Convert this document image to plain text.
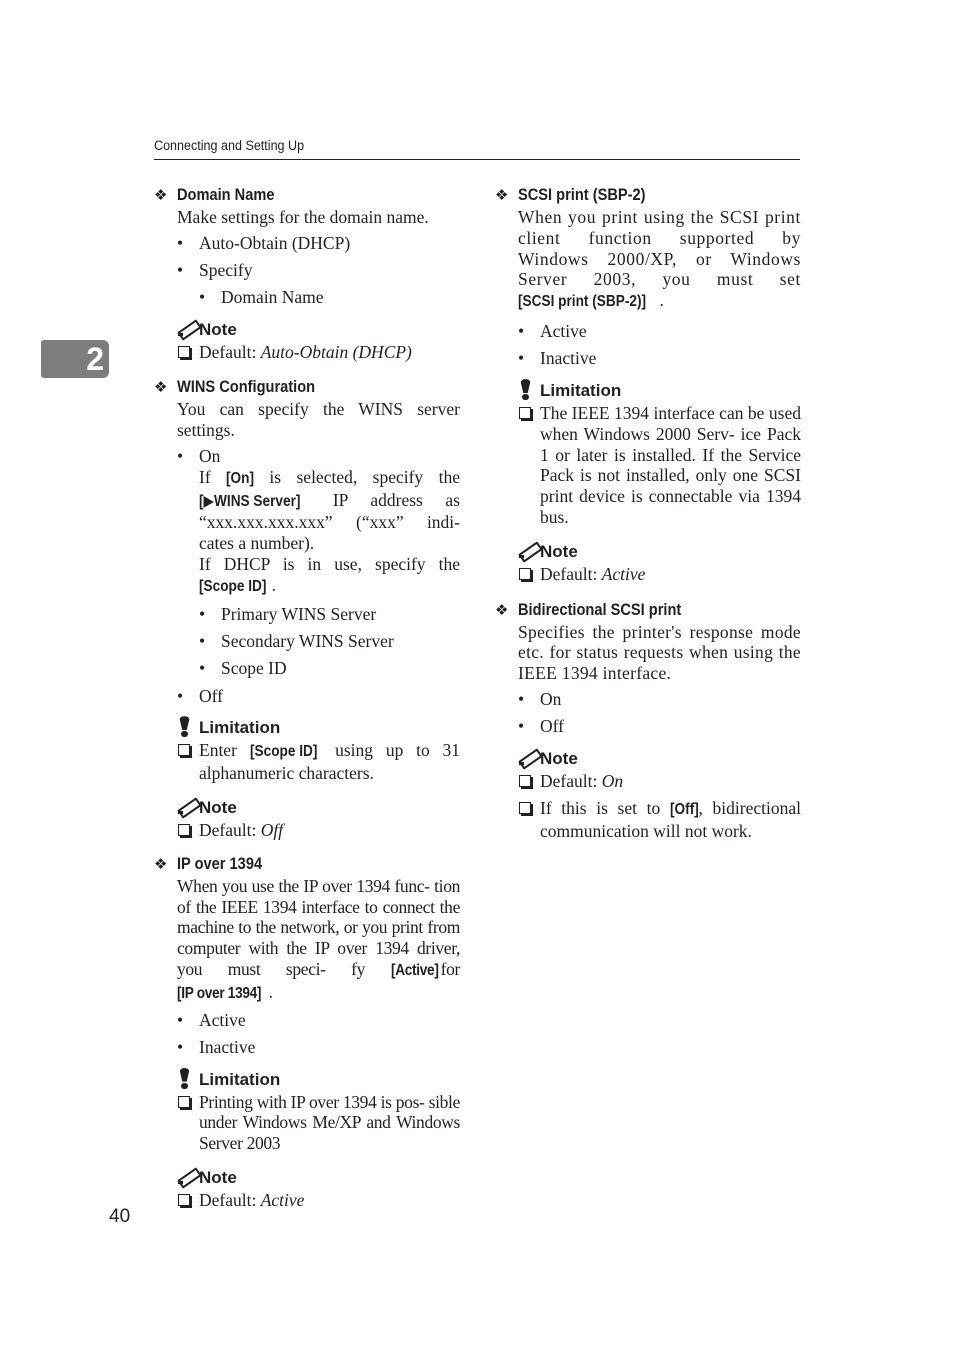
Connecting and Setting Up
2
❖ Domain Name
Make settings for the domain name.
• Auto-Obtain (DHCP)
• Specify
• Domain Name
Note
Default: Auto-Obtain (DHCP)
❖ WINS Configuration
You can specify the WINS server settings.
• On
If [On] is selected, specify the [▶WINS Server] IP address as “xxx.xxx.xxx.xxx” (“xxx” indi- cates a number).
If DHCP is in use, specify the [Scope ID] .
• Primary WINS Server
• Secondary WINS Server
• Scope ID
• Off
Limitation
Enter [Scope ID] using up to 31 alphanumeric characters.
Note
Default: Off
❖ IP over 1394
When you use the IP over 1394 func- tion of the IEEE 1394 interface to connect the machine to the network, or you print from computer with the IP over 1394 driver, you must speci- fy [Active] for [IP over 1394] .
• Active
• Inactive
Limitation
Printing with IP over 1394 is pos- sible under Windows Me/XP and Windows Server 2003
Note
Default: Active
❖ SCSI print (SBP-2)
When you print using the SCSI print client function supported by Windows 2000/XP, or Windows Server 2003, you must set [SCSI print (SBP-2)] .
• Active
• Inactive
Limitation
The IEEE 1394 interface can be used when Windows 2000 Serv- ice Pack 1 or later is installed. If the Service Pack is not installed, only one SCSI print device is connectable via 1394 bus.
Note
Default: Active
❖ Bidirectional SCSI print
Specifies the printer's response mode etc. for status requests when using the IEEE 1394 interface.
• On
• Off
Note
Default: On
If this is set to [Off], bidirectional communication will not work.
40
